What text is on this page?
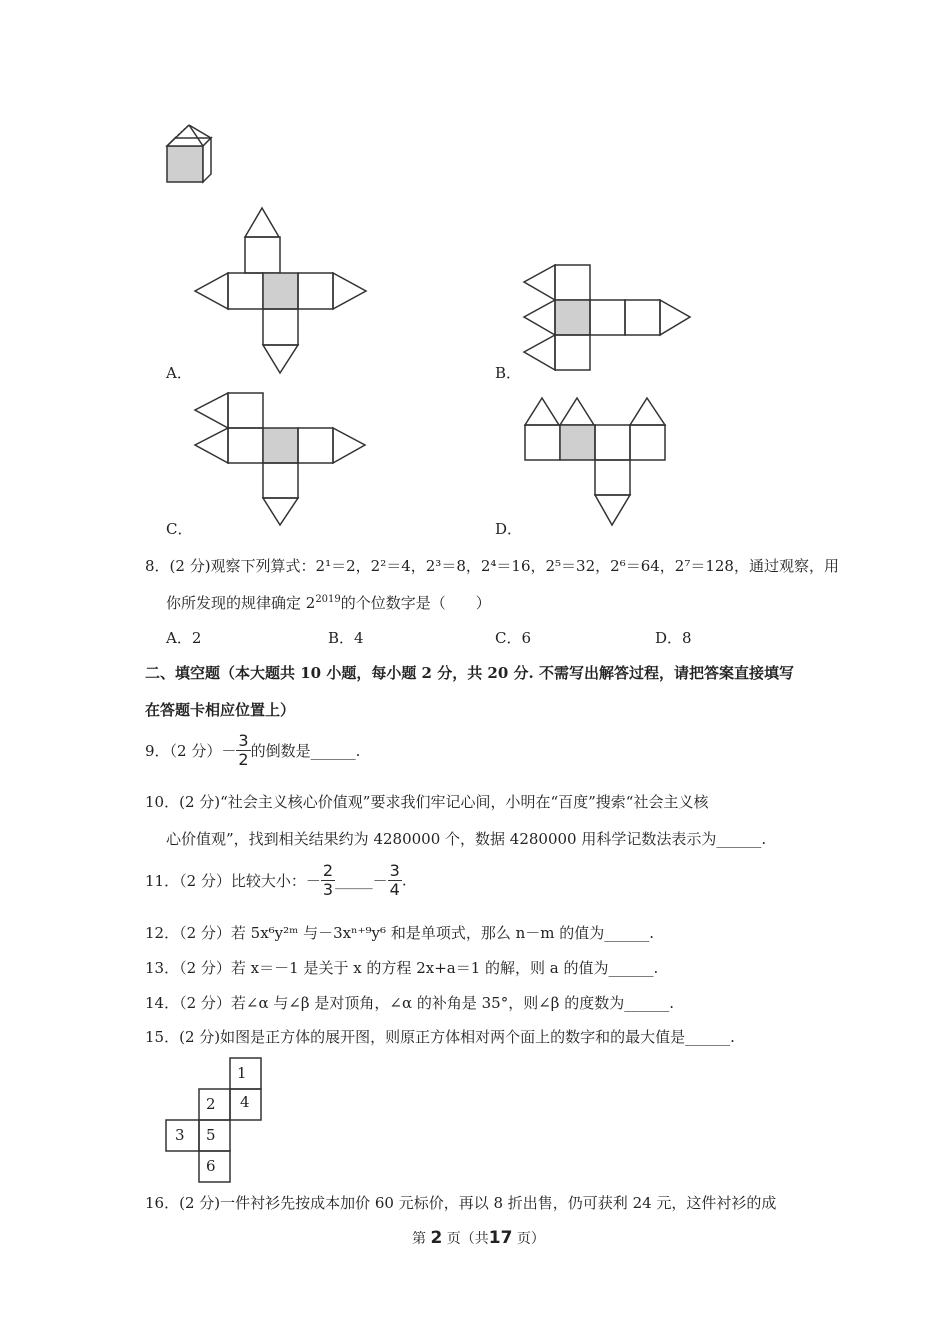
A．	B．
C．	D．
8．(2 分)观察下列算式：2¹＝2，2²＝4，2³＝8，2⁴＝16，2⁵＝32，2⁶＝64，2⁷＝128，通过观察，用
你所发现的规律确定 $2^{2019}$的个位数字是（　　）
A．2	B．4	C．6	D．8
二、填空题（本大题共 10 小题，每小题 2 分，共 20 分. 不需写出解答过程，请把答案直接填写
在答题卡相应位置上）
9．（2 分）－ $\frac{3}{2}$ 的倒数是______.
10．(2 分)“社会主义核心价值观”要求我们牢记心间，小明在“百度”搜索“社会主义核
心价值观”，找到相关结果约为 4280000 个，数据 4280000 用科学记数法表示为______.
11．（2 分）比较大小：－ $\frac{2}{3}$ _____－ $\frac{3}{4}$ .
12．（2 分）若 5x⁶y²ᵐ 与－3xⁿ⁺⁹y⁶ 和是单项式，那么 n－m 的值为______.
13．（2 分）若 x＝－1 是关于 x 的方程 2x+a＝1 的解，则 a 的值为______.
14．（2 分）若∠α 与∠β 是对顶角，∠α 的补角是 35°，则∠β 的度数为______.
15．(2 分)如图是正方体的展开图，则原正方体相对两个面上的数字和的最大值是______.
1
2 4
3 5
6
16．(2 分)一件衬衫先按成本加价 60 元标价，再以 8 折出售，仍可获利 24 元，这件衬衫的成
第 2 页（共17 页）
